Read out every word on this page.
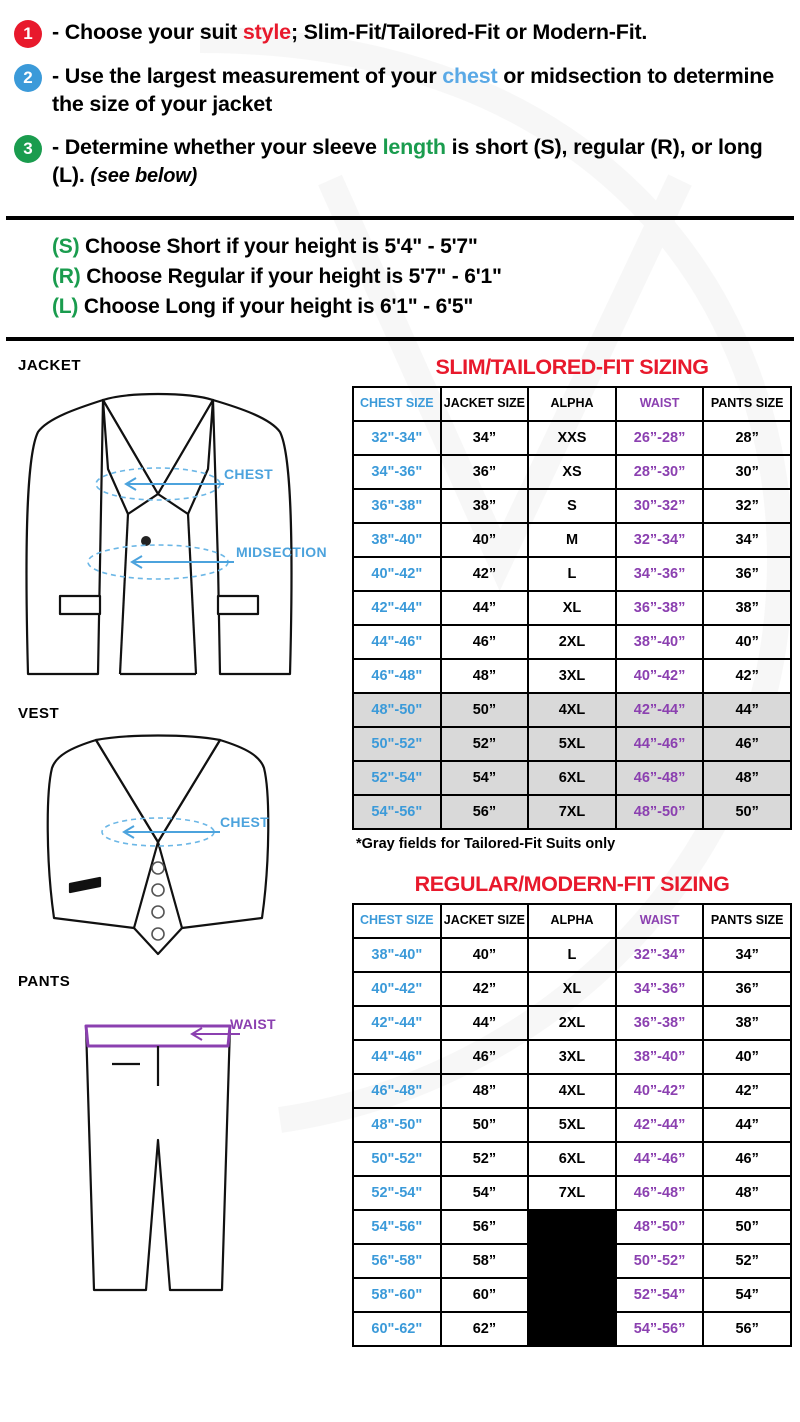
1 - Choose your suit style; Slim-Fit/Tailored-Fit or Modern-Fit.
2 - Use the largest measurement of your chest or midsection to determine the size of your jacket
3 - Determine whether your sleeve length is short (S), regular (R), or long (L). (see below)
(S) Choose Short if your height is 5'4" - 5'7"
(R) Choose Regular if your height is 5'7" - 6'1"
(L) Choose Long if your height is 6'1" - 6'5"
JACKET
CHEST
MIDSECTION
VEST
CHEST
PANTS
WAIST
SLIM/TAILORED-FIT SIZING
CHEST SIZE	JACKET SIZE	ALPHA	WAIST	PANTS SIZE
32"-34"	34”	XXS	26”-28”	28”
34"-36"	36”	XS	28”-30”	30”
36"-38"	38”	S	30”-32”	32”
38"-40"	40”	M	32”-34”	34”
40"-42"	42”	L	34”-36”	36”
42"-44"	44”	XL	36”-38”	38”
44"-46"	46”	2XL	38”-40”	40”
46"-48"	48”	3XL	40”-42”	42”
48"-50"	50”	4XL	42”-44”	44”
50"-52"	52”	5XL	44”-46”	46”
52"-54"	54”	6XL	46”-48”	48”
54"-56"	56”	7XL	48”-50”	50”
*Gray fields for Tailored-Fit Suits only
REGULAR/MODERN-FIT SIZING
CHEST SIZE	JACKET SIZE	ALPHA	WAIST	PANTS SIZE
38"-40"	40”	L	32”-34”	34”
40"-42"	42”	XL	34”-36”	36”
42"-44"	44”	2XL	36”-38”	38”
44"-46"	46”	3XL	38”-40”	40”
46"-48"	48”	4XL	40”-42”	42”
48"-50"	50”	5XL	42”-44”	44”
50"-52"	52”	6XL	44”-46”	46”
52"-54"	54”	7XL	46”-48”	48”
54"-56"	56”		48”-50”	50”
56"-58"	58”		50”-52”	52”
58"-60"	60”		52”-54”	54”
60"-62"	62”		54”-56”	56”
